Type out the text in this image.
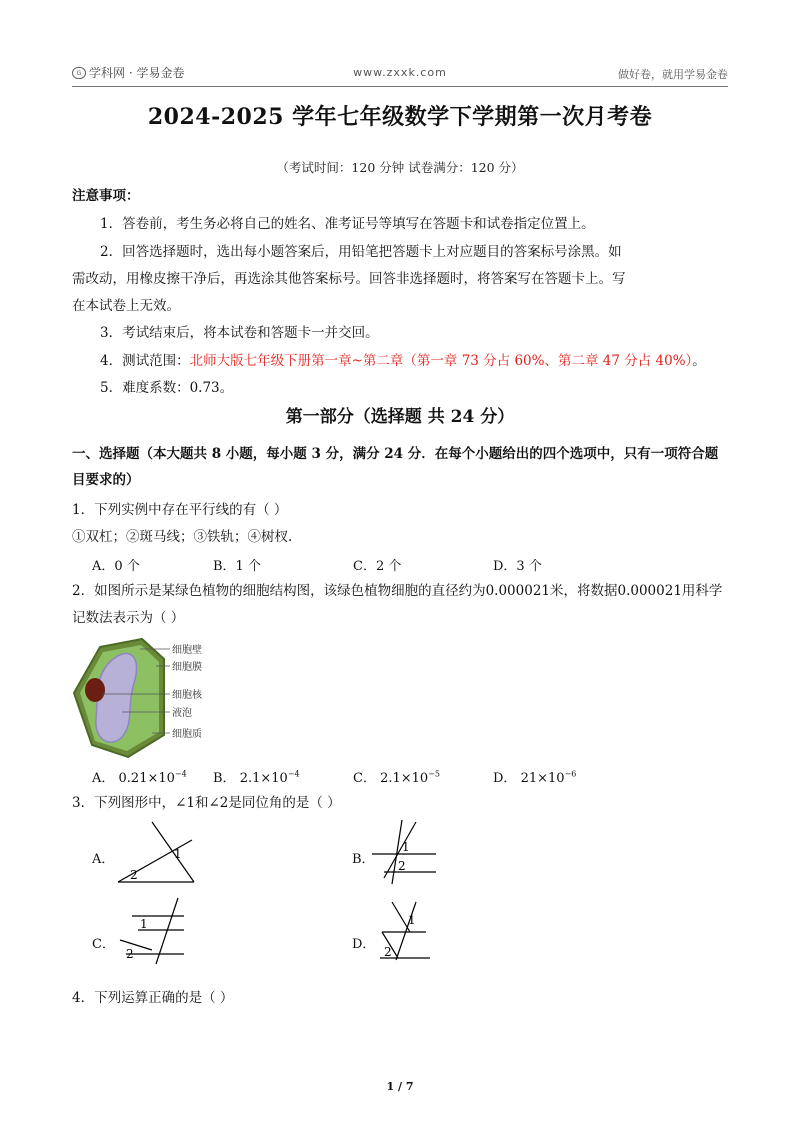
G 学科网 · 学易金卷	www.zxxk.com	做好卷，就用学易金卷
2024-2025 学年七年级数学下学期第一次月考卷
（考试时间：120 分钟 试卷满分：120 分）
注意事项：
1．答卷前，考生务必将自己的姓名、准考证号等填写在答题卡和试卷指定位置上。
2．回答选择题时，选出每小题答案后，用铅笔把答题卡上对应题目的答案标号涂黑。如
需改动，用橡皮擦干净后，再选涂其他答案标号。回答非选择题时，将答案写在答题卡上。写
在本试卷上无效。
3．考试结束后，将本试卷和答题卡一并交回。
4．测试范围：北师大版七年级下册第一章~第二章（第一章 73 分占 60%、第二章 47 分占 40%）。
5．难度系数：0.73。
第一部分（选择题 共 24 分）
一、选择题（本大题共 8 小题，每小题 3 分，满分 24 分．在每个小题给出的四个选项中，只有一项符合题
目要求的）
1．下列实例中存在平行线的有（ ）
①双杠；②斑马线；③铁轨；④树杈.
A．0 个	B．1 个	C．2 个	D．3 个
2．如图所示是某绿色植物的细胞结构图，该绿色植物细胞的直径约为0.000021米，将数据0.000021用科学
记数法表示为（ ）
细胞壁
细胞膜
细胞核
液泡
细胞质
A． $0.21\times 10^{-4}$ B． $2.1\times 10^{-4}$	C． $2.1\times 10^{-5}$	D． $21\times 10^{-6}$
3．下列图形中，∠1和∠2是同位角的是（ ）
A．	1
2
B．
1
2
C．
1
2
D．
1
2
4．下列运算正确的是（ ）
1 / 7
